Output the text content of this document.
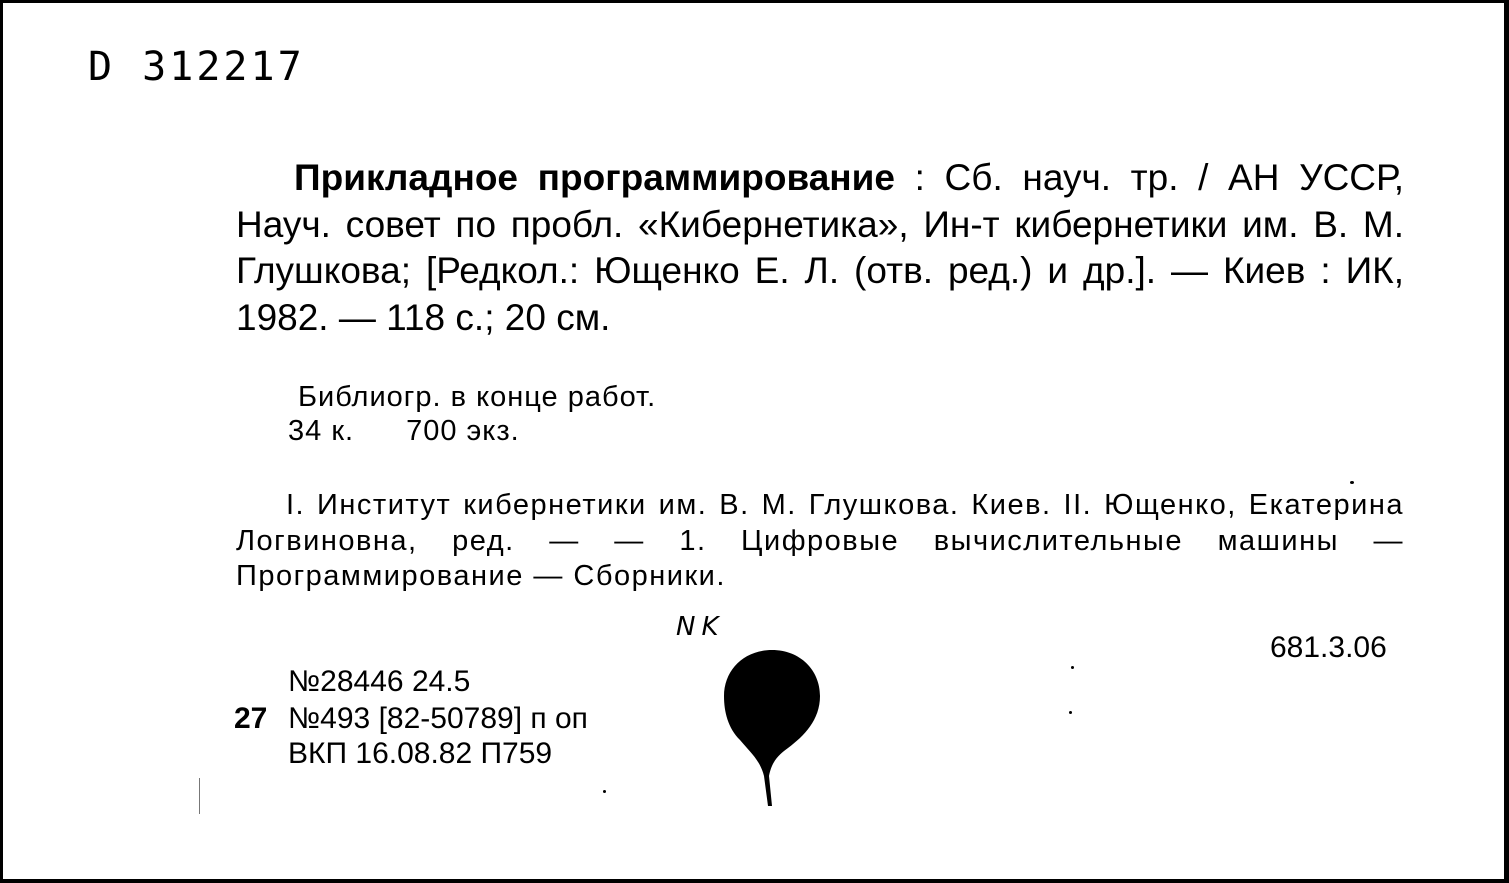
D 312217
Прикладное программирование : Сб. науч. тр. / АН УССР, Науч. совет по пробл. «Кибернетика», Ин-т кибернетики им. В. М. Глушкова; [Редкол.: Ющенко Е. Л. (отв. ред.) и др.]. — Киев : ИК, 1982. — 118 с.; 20 см.
Библиогр. в конце работ.
34 к. 700 экз.
I. Институт кибернетики им. В. М. Глушкова. Киев. II. Ющенко, Екатерина Логвиновна, ред. — — 1. Цифровые вычислительные машины — Программирование — Сборники.
NK
681.3.06
№28446 24.5
27 №493 [82-50789] п оп
ВКП 16.08.82 П759
